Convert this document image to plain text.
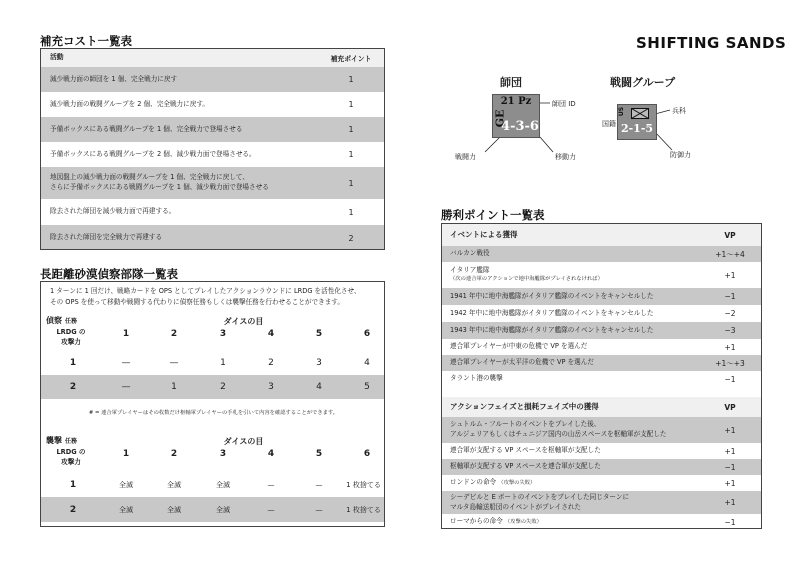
SHIFTING SANDS
補充コスト一覧表
活動	補充ポイント
減少戦力面の師団を 1 個、完全戦力に戻す	1
減少戦力面の戦闘グループを 2 個、完全戦力に戻す。	1
予備ボックスにある戦闘グループを 1 個、完全戦力で登場させる	1
予備ボックスにある戦闘グループを 2 個、減少戦力面で登場させる。	1
地図盤上の減少戦力面の戦闘グループを 1 個、完全戦力に戻して、
さらに予備ボックスにある戦闘グループを 1 個、減少戦力面で登場させる	1
除去された師団を減少戦力面で再建する。	1
除去された師団を完全戦力で再建する	2
長距離砂漠偵察部隊一覧表
1 ターンに 1 回だけ、戦略カードを OPS としてプレイしたアクションラウンドに LRDG を活性化させ、
その OPS を使って移動や戦闘する代わりに偵察任務もしくは襲撃任務を行わせることができます。
偵察 任務	ダイスの目
LRDG の
攻撃力
1	2	3	4	5	6
1	—	—	1	2	3	4
2	—	1	2	3	4	5
# = 連合軍プレイヤーはその枚数だけ枢軸軍プレイヤーの手札を引いて内容を確認することができます。
襲撃 任務	ダイスの目
LRDG の
攻撃力
1	2	3	4	5	6
1	全滅	全滅	全滅	—	—	1 枚捨てる
2	全滅	全滅	全滅	—	—	1 枚捨てる
師団	戦闘グループ
21 Pz
GE
4-3-6
師団 ID
戦闘力	移動力
US
2-1-5
国籍
兵科
防御力
勝利ポイント一覧表
イベントによる獲得	VP
バルカン戦役	+1〜+4
イタリア艦隊
（次の連合軍のアクションで地中海艦隊がプレイされなければ）	+1
1941 年中に地中海艦隊がイタリア艦隊のイベントをキャンセルした	−1
1942 年中に地中海艦隊がイタリア艦隊のイベントをキャンセルした	−2
1943 年中に地中海艦隊がイタリア艦隊のイベントをキャンセルした	−3
連合軍プレイヤーが中東の危機で VP を選んだ	+1
連合軍プレイヤーが太平洋の危機で VP を選んだ	+1〜+3
タラント港の襲撃	−1
アクションフェイズと損耗フェイズ中の獲得	VP
シュトルム・フルートのイベントをプレイした後、
アルジェリアもしくはチュニジア国内の山岳スペースを枢軸軍が支配した	+1
連合軍が支配する VP スペースを枢軸軍が支配した	+1
枢軸軍が支配する VP スペースを連合軍が支配した	−1
ロンドンの命令 （攻撃の失敗）	+1
シーデビルと E ボートのイベントをプレイした同じターンに
マルタ島輸送船団のイベントがプレイされた	+1
ローマからの命令 （攻撃の失敗）	−1
